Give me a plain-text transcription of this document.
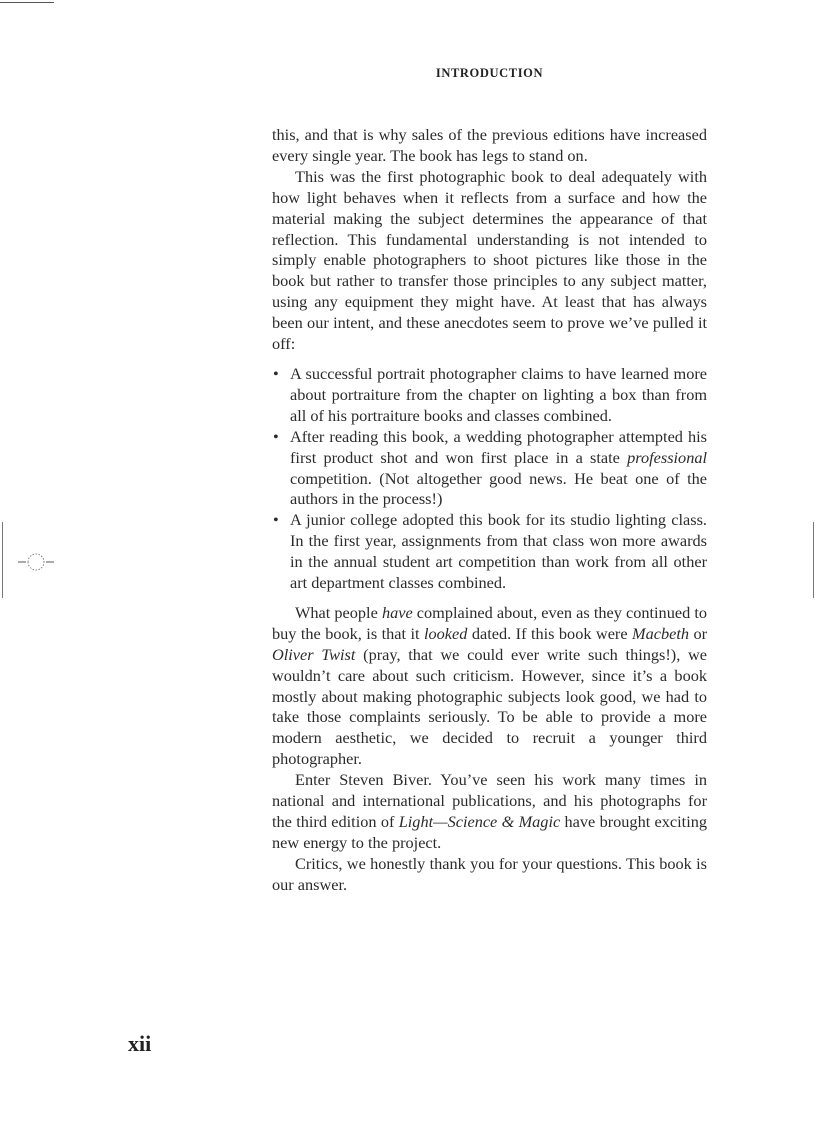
INTRODUCTION

this, and that is why sales of the previous editions have increased every single year. The book has legs to stand on.

This was the first photographic book to deal adequately with how light behaves when it reflects from a surface and how the material making the subject determines the appearance of that reflection. This fundamental understanding is not intended to simply enable photographers to shoot pictures like those in the book but rather to transfer those principles to any subject matter, using any equipment they might have. At least that has always been our intent, and these anecdotes seem to prove we’ve pulled it off:

• A successful portrait photographer claims to have learned more about portraiture from the chapter on lighting a box than from all of his portraiture books and classes combined.
• After reading this book, a wedding photographer attempted his first product shot and won first place in a state professional competition. (Not altogether good news. He beat one of the authors in the process!)
• A junior college adopted this book for its studio lighting class. In the first year, assignments from that class won more awards in the annual student art competition than work from all other art department classes combined.

What people have complained about, even as they continued to buy the book, is that it looked dated. If this book were Macbeth or Oliver Twist (pray, that we could ever write such things!), we wouldn’t care about such criticism. However, since it’s a book mostly about making photographic subjects look good, we had to take those complaints seriously. To be able to provide a more modern aesthetic, we decided to recruit a younger third photographer.

Enter Steven Biver. You’ve seen his work many times in national and international publications, and his photographs for the third edition of Light—Science & Magic have brought exciting new energy to the project.

Critics, we honestly thank you for your questions. This book is our answer.

xii
